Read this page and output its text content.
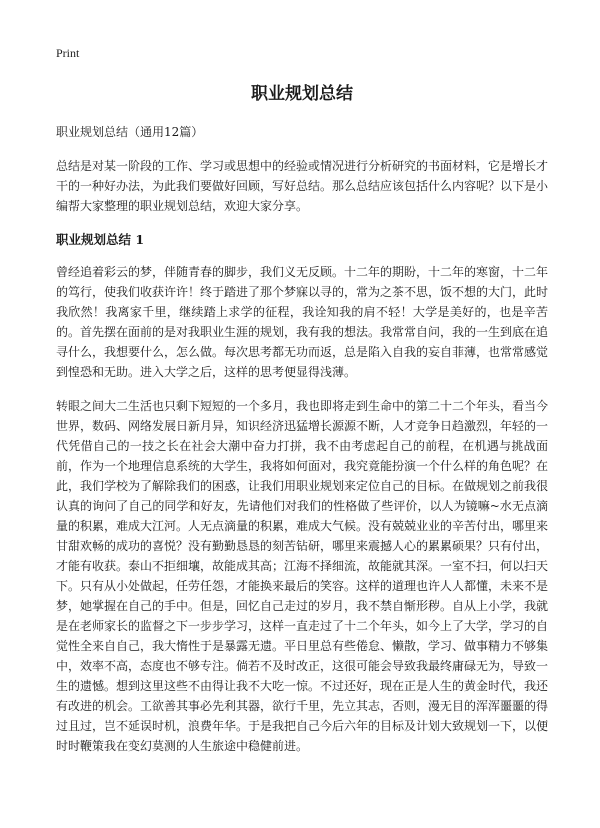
Print
职业规划总结
职业规划总结（通用12篇）

总结是对某一阶段的工作、学习或思想中的经验或情况进行分析研究的书面材料，它是增长才干的一种好办法，为此我们要做好回顾，写好总结。那么总结应该包括什么内容呢？以下是小编帮大家整理的职业规划总结，欢迎大家分享。

职业规划总结 1

曾经追着彩云的梦，伴随青春的脚步，我们义无反顾。十二年的期盼，十二年的寒窗，十二年的笃行，使我们收获许许！终于踏进了那个梦寐以寻的，常为之茶不思，饭不想的大门，此时我欣然！我离家千里，继续踏上求学的征程，我诠知我的肩不轻！大学是美好的，也是辛苦的。首先摆在面前的是对我职业生涯的规划，我有我的想法。我常常自问，我的一生到底在追寻什么，我想要什么，怎么做。每次思考都无功而返，总是陷入自我的妄自菲薄，也常常感觉到惶恐和无助。进入大学之后，这样的思考便显得浅薄。

转眼之间大二生活也只剩下短短的一个多月，我也即将走到生命中的第二十二个年头，看当今世界，数码、网络发展日新月异，知识经济迅猛增长源源不断，人才竞争日趋激烈，年轻的一代凭借自己的一技之长在社会大潮中奋力打拼，我不由考虑起自己的前程，在机遇与挑战面前，作为一个地理信息系统的大学生，我将如何面对，我究竟能扮演一个什么样的角色呢？在此，我们学校为了解除我们的困惑，让我们用职业规划来定位自己的目标。在做规划之前我很认真的询问了自己的同学和好友，先请他们对我们的性格做了些评价，以人为镜嘛~水无点滴量的积累，难成大江河。人无点滴量的积累，难成大气候。没有兢兢业业的辛苦付出，哪里来甘甜欢畅的成功的喜悦？没有勤勤恳恳的刻苦钻研，哪里来震撼人心的累累硕果？只有付出，才能有收获。泰山不拒细壤，故能成其高；江海不择细流，故能就其深。一室不扫，何以扫天下。只有从小处做起，任劳任怨，才能换来最后的笑容。这样的道理也许人人都懂，未来不是梦，她掌握在自己的手中。但是，回忆自己走过的岁月，我不禁自惭形秽。自从上小学，我就是在老师家长的监督之下一步步学习，这样一直走过了十二个年头，如今上了大学，学习的自觉性全来自自己，我大惰性于是暴露无遗。平日里总有些倦怠、懒散，学习、做事精力不够集中，效率不高，态度也不够专注。倘若不及时改正，这很可能会导致我最终庸碌无为，导致一生的遗憾。想到这里这些不由得让我不大吃一惊。不过还好，现在正是人生的黄金时代，我还有改进的机会。工欲善其事必先利其器，欲行千里，先立其志，否则，漫无目的浑浑噩噩的得过且过，岂不延误时机，浪费年华。于是我把自己今后六年的目标及计划大致规划一下，以便时时鞭策我在变幻莫测的人生旅途中稳健前进。
